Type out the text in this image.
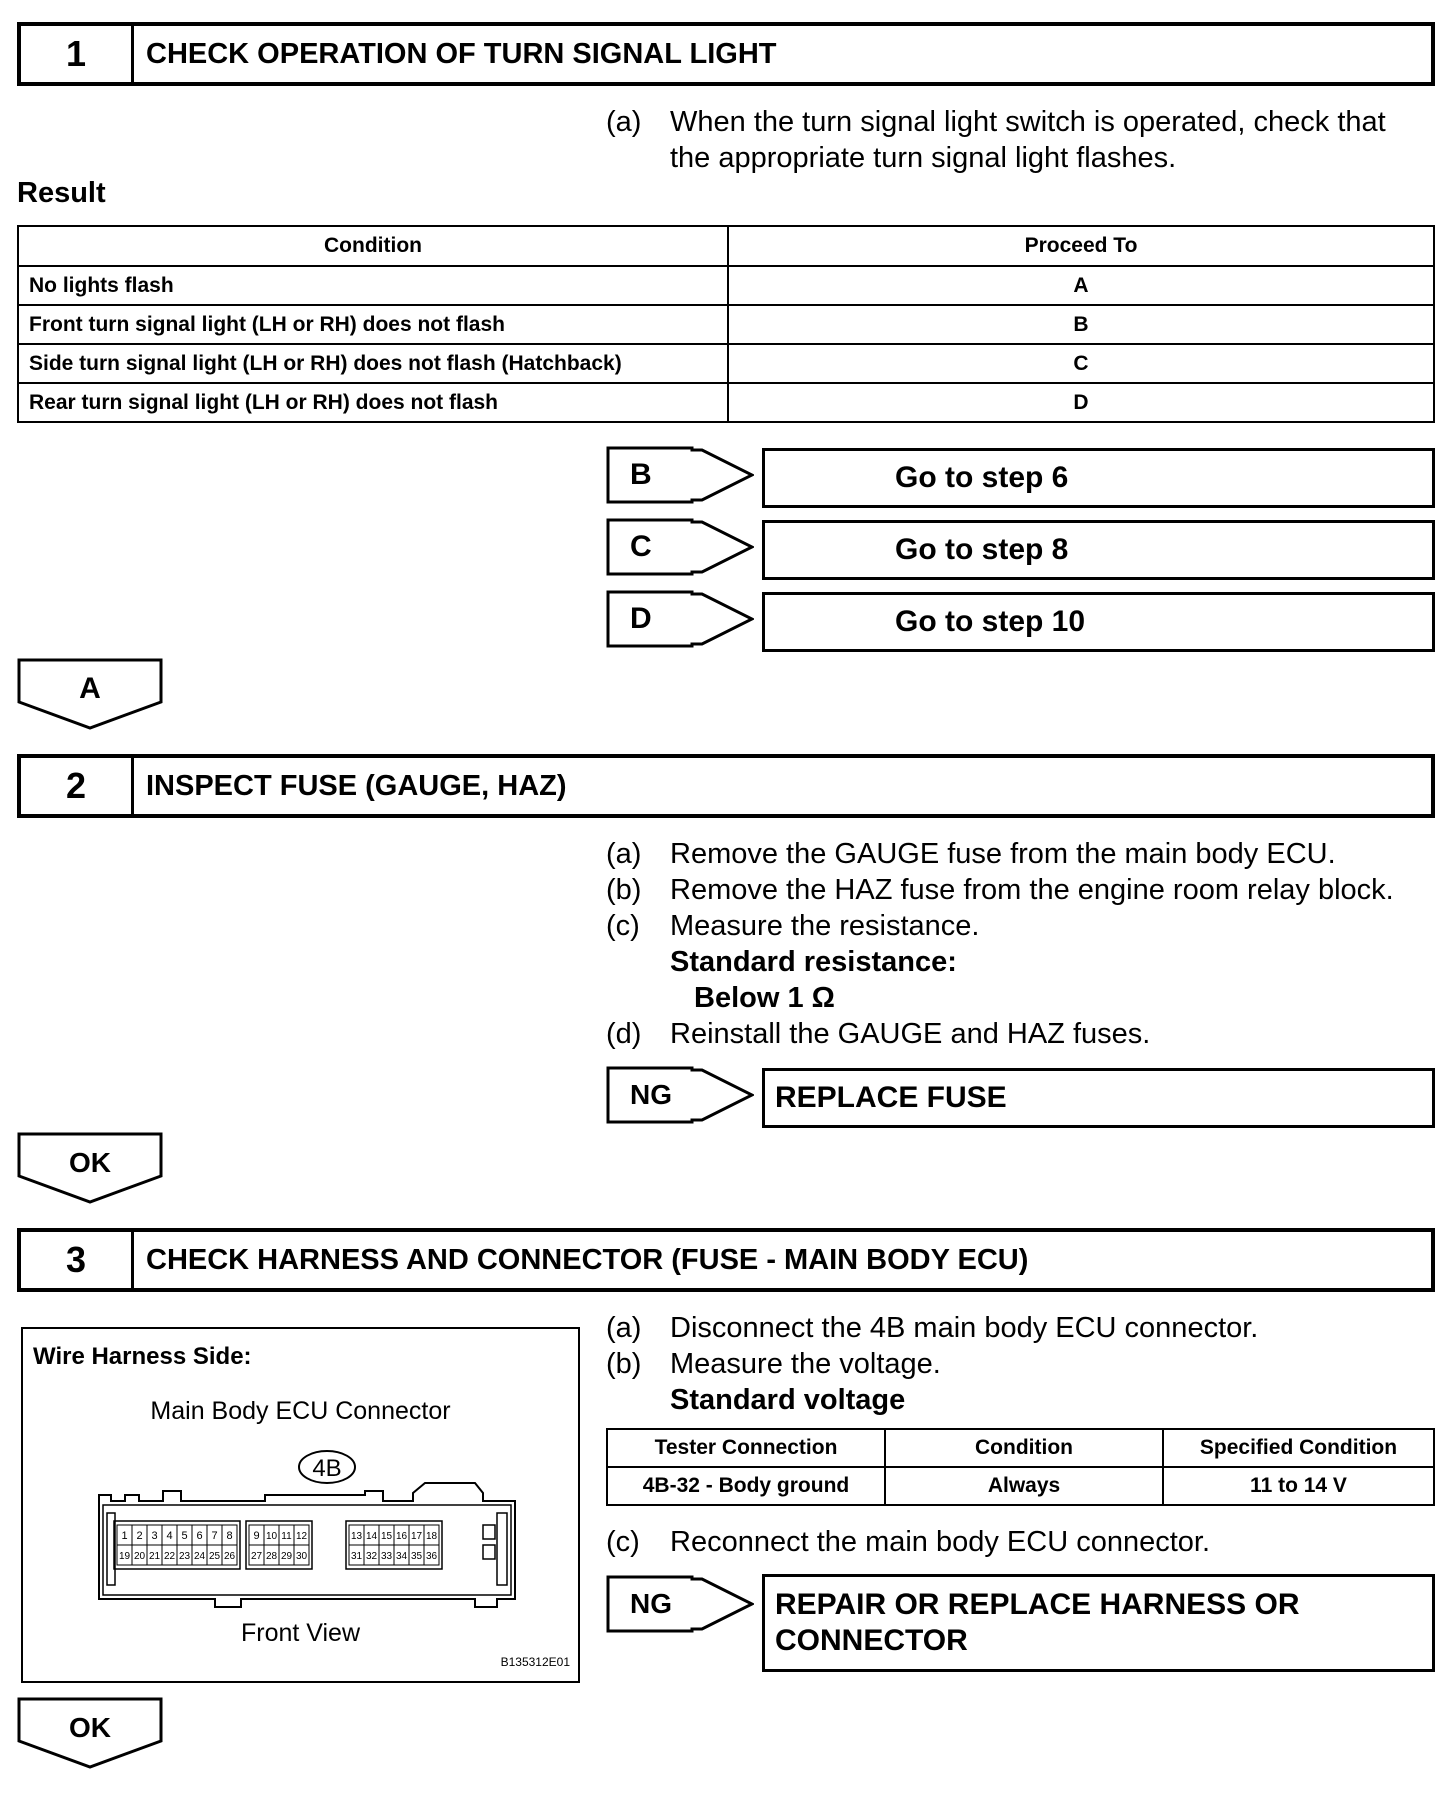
1	CHECK OPERATION OF TURN SIGNAL LIGHT
(a) When the turn signal light switch is operated, check that
the appropriate turn signal light flashes.
Result
Condition	Proceed To
No lights flash	A
Front turn signal light (LH or RH) does not flash	B
Side turn signal light (LH or RH) does not flash (Hatchback)	C
Rear turn signal light (LH or RH) does not flash	D
B	Go to step 6
C	Go to step 8
D	Go to step 10
A
2	INSPECT FUSE (GAUGE, HAZ)
(a) Remove the GAUGE fuse from the main body ECU.
(b) Remove the HAZ fuse from the engine room relay block.
(c) Measure the resistance.
Standard resistance:
Below 1 Ω
(d) Reinstall the GAUGE and HAZ fuses.
NG	REPLACE FUSE
OK
3	CHECK HARNESS AND CONNECTOR (FUSE - MAIN BODY ECU)
Wire Harness Side:
Main Body ECU Connector
4B
1 2 3 4 5 6 7 8
19 20 21 22 23 24 25 26
9 10 11 12
27 28 29 30
13 14 15 16 17 18
31 32 33 34 35 36
Front View
B135312E01
(a) Disconnect the 4B main body ECU connector.
(b) Measure the voltage.
Standard voltage
Tester Connection	Condition	Specified Condition
4B-32 - Body ground	Always	11 to 14 V
(c) Reconnect the main body ECU connector.
NG	REPAIR OR REPLACE HARNESS OR
CONNECTOR
OK
